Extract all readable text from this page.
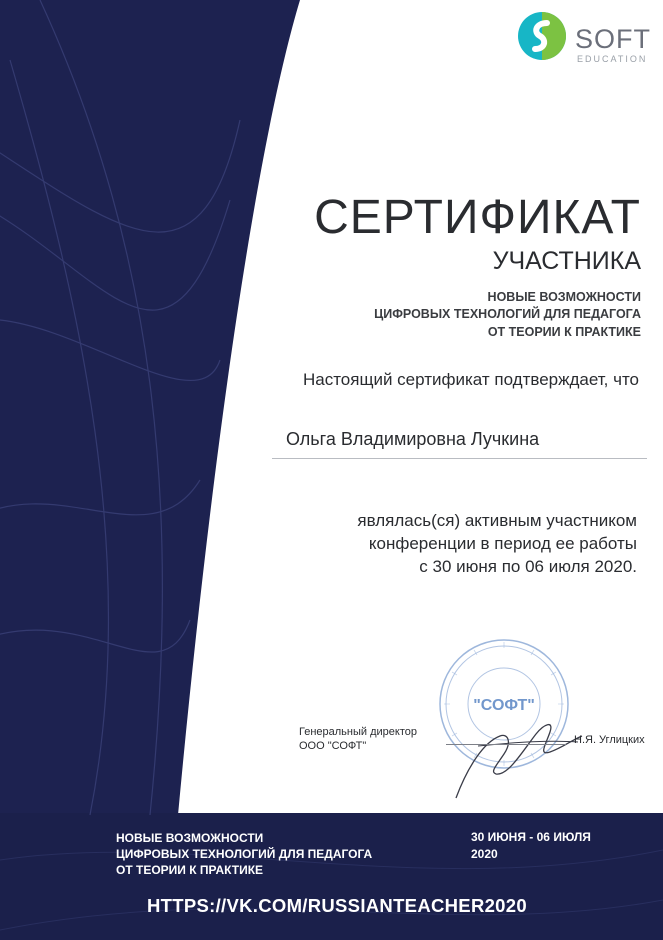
SOFT
EDUCATION
СЕРТИФИКАТ
УЧАСТНИКА
НОВЫЕ ВОЗМОЖНОСТИ
ЦИФРОВЫХ ТЕХНОЛОГИЙ ДЛЯ ПЕДАГОГА
ОТ ТЕОРИИ К ПРАКТИКЕ
Настоящий сертификат подтверждает, что
Ольга Владимировна Лучкина
являлась(ся) активным участником
конференции в период ее работы
с 30 июня по 06 июля 2020.
"СОФТ"
Генеральный директор
ООО "СОФТ"
Н.Я. Углицких
НОВЫЕ ВОЗМОЖНОСТИ
ЦИФРОВЫХ ТЕХНОЛОГИЙ ДЛЯ ПЕДАГОГА
ОТ ТЕОРИИ К ПРАКТИКЕ
30 ИЮНЯ - 06 ИЮЛЯ
2020
HTTPS://VK.COM/RUSSIANTEACHER2020
